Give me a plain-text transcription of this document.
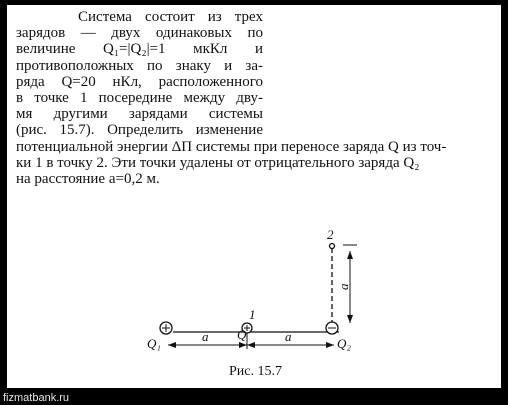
Система состоит из трех
зарядов — двух одинаковых по
величине Q₁=|Q₂|=1 мкКл и
противоположных по знаку и за-
ряда Q=20 нКл, расположенного
в точке 1 посередине между дву-
мя другими зарядами системы
(рис. 15.7). Определить изменение
потенциальной энергии ΔП системы при переносе заряда Q из точ-
ки 1 в точку 2. Эти точки удалены от отрицательного заряда Q₂
на расстояние a=0,2 м.
1
2
Q₁
Q
Q₂
a	a
a
Рис. 15.7
fizmatbank.ru
